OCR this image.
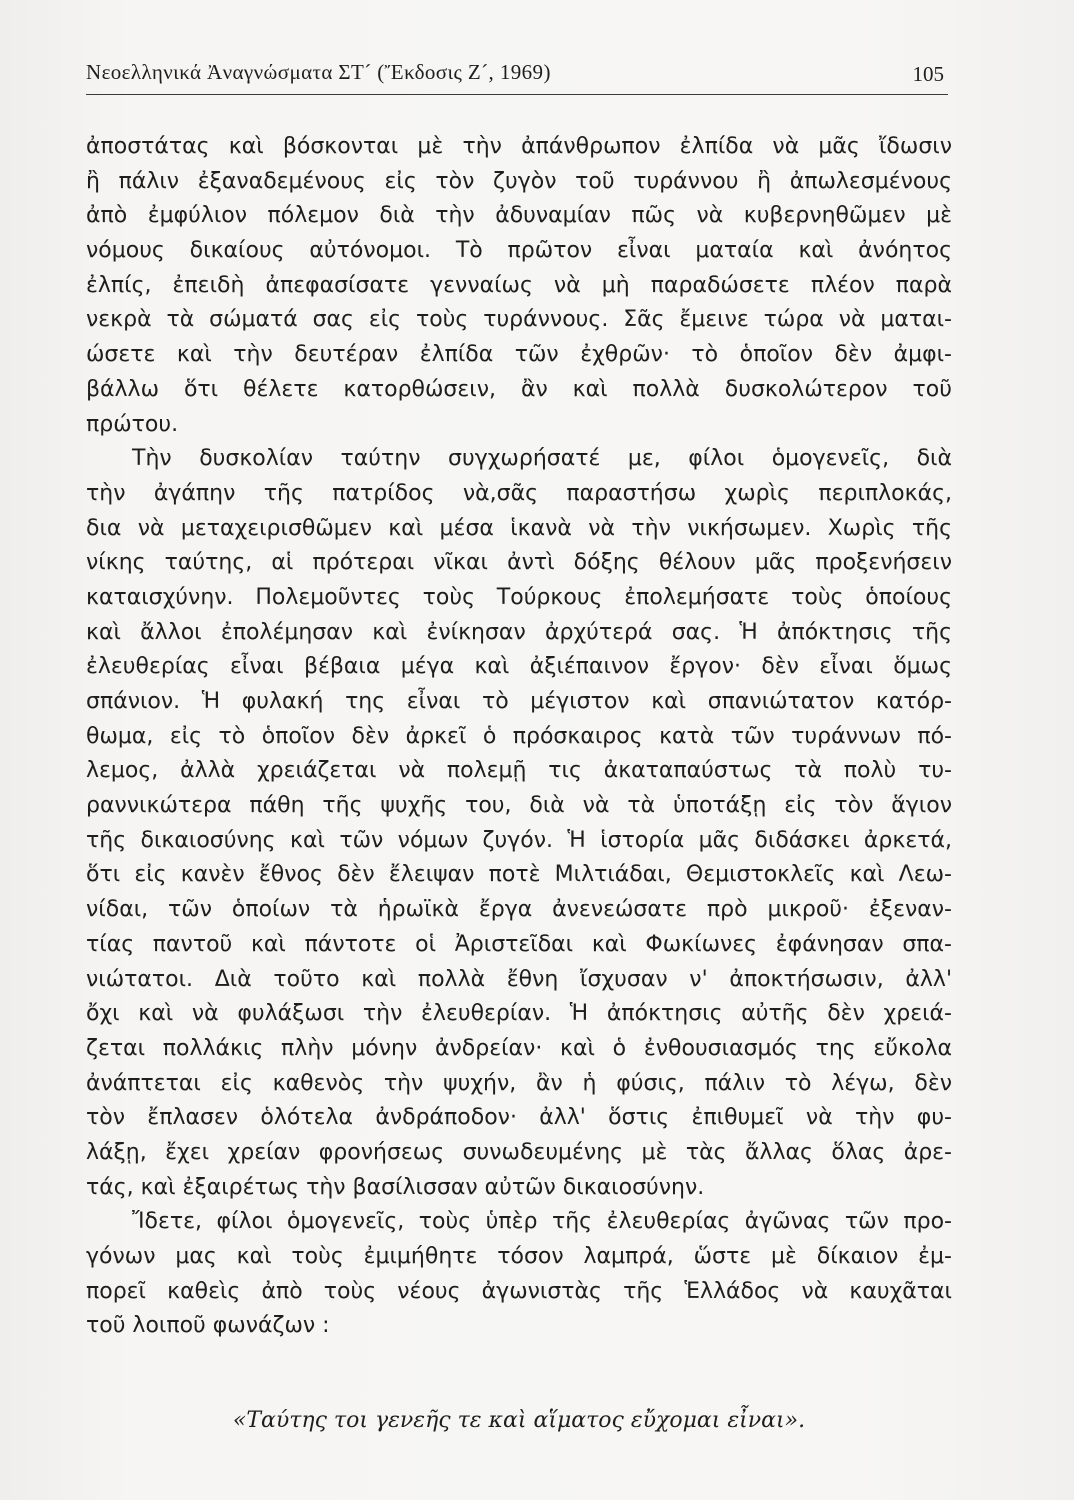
Νεοελληνικά Ἀναγνώσματα ΣΤ´ (Ἔκδοσις Ζ´, 1969)	105
ἀποστάτας καὶ βόσκονται μὲ τὴν ἀπάνθρωπον ἐλπίδα νὰ μᾶς ἴδωσιν
ἢ πάλιν ἐξαναδεμένους εἰς τὸν ζυγὸν τοῦ τυράννου ἢ ἀπωλεσμένους
ἀπὸ ἐμφύλιον πόλεμον διὰ τὴν ἀδυναμίαν πῶς νὰ κυβερνηθῶμεν μὲ
νόμους δικαίους αὐτόνομοι. Τὸ πρῶτον εἶναι ματαία καὶ ἀνόητος
ἐλπίς, ἐπειδὴ ἀπεφασίσατε γενναίως νὰ μὴ παραδώσετε πλέον παρὰ
νεκρὰ τὰ σώματά σας εἰς τοὺς τυράννους. Σᾶς ἔμεινε τώρα νὰ μαται-
ώσετε καὶ τὴν δευτέραν ἐλπίδα τῶν ἐχθρῶν· τὸ ὁποῖον δὲν ἀμφι-
βάλλω ὅτι θέλετε κατορθώσειν, ἂν καὶ πολλὰ δυσκολώτερον τοῦ
πρώτου.
Τὴν δυσκολίαν ταύτην συγχωρήσατέ με, φίλοι ὁμογενεῖς, διὰ
τὴν ἀγάπην τῆς πατρίδος νὰ,σᾶς παραστήσω χωρὶς περιπλοκάς,
δια νὰ μεταχειρισθῶμεν καὶ μέσα ἱκανὰ νὰ τὴν νικήσωμεν. Χωρὶς τῆς
νίκης ταύτης, αἱ πρότεραι νῖκαι ἀντὶ δόξης θέλουν μᾶς προξενήσειν
καταισχύνην. Πολεμοῦντες τοὺς Τούρκους ἐπολεμήσατε τοὺς ὁποίους
καὶ ἄλλοι ἐπολέμησαν καὶ ἐνίκησαν ἀρχύτερά σας. Ἡ ἀπόκτησις τῆς
ἐλευθερίας εἶναι βέβαια μέγα καὶ ἀξιέπαινον ἔργον· δὲν εἶναι ὅμως
σπάνιον. Ἡ φυλακή της εἶναι τὸ μέγιστον καὶ σπανιώτατον κατόρ-
θωμα, εἰς τὸ ὁποῖον δὲν ἀρκεῖ ὁ πρόσκαιρος κατὰ τῶν τυράννων πό-
λεμος, ἀλλὰ χρειάζεται νὰ πολεμῇ τις ἀκαταπαύστως τὰ πολὺ τυ-
ραννικώτερα πάθη τῆς ψυχῆς του, διὰ νὰ τὰ ὑποτάξῃ εἰς τὸν ἅγιον
τῆς δικαιοσύνης καὶ τῶν νόμων ζυγόν. Ἡ ἱστορία μᾶς διδάσκει ἀρκετά,
ὅτι εἰς κανὲν ἔθνος δὲν ἔλειψαν ποτὲ Μιλτιάδαι, Θεμιστοκλεῖς καὶ Λεω-
νίδαι, τῶν ὁποίων τὰ ἡρωϊκὰ ἔργα ἀνενεώσατε πρὸ μικροῦ· ἐξεναν-
τίας παντοῦ καὶ πάντοτε οἱ Ἀριστεῖδαι καὶ Φωκίωνες ἐφάνησαν σπα-
νιώτατοι. Διὰ τοῦτο καὶ πολλὰ ἔθνη ἴσχυσαν ν' ἀποκτήσωσιν, ἀλλ'
ὄχι καὶ νὰ φυλάξωσι τὴν ἐλευθερίαν. Ἡ ἀπόκτησις αὐτῆς δὲν χρειά-
ζεται πολλάκις πλὴν μόνην ἀνδρείαν· καὶ ὁ ἐνθουσιασμός της εὔκολα
ἀνάπτεται εἰς καθενὸς τὴν ψυχήν, ἂν ἡ φύσις, πάλιν τὸ λέγω, δὲν
τὸν ἔπλασεν ὁλότελα ἀνδράποδον· ἀλλ' ὅστις ἐπιθυμεῖ νὰ τὴν φυ-
λάξῃ, ἔχει χρείαν φρονήσεως συνωδευμένης μὲ τὰς ἄλλας ὅλας ἀρε-
τάς, καὶ ἐξαιρέτως τὴν βασίλισσαν αὐτῶν δικαιοσύνην.
Ἴδετε, φίλοι ὁμογενεῖς, τοὺς ὑπὲρ τῆς ἐλευθερίας ἀγῶνας τῶν προ-
γόνων μας καὶ τοὺς ἐμιμήθητε τόσον λαμπρά, ὥστε μὲ δίκαιον ἐμ-
πορεῖ καθεὶς ἀπὸ τοὺς νέους ἀγωνιστὰς τῆς Ἑλλάδος νὰ καυχᾶται
τοῦ λοιποῦ φωνάζων :
«Ταύτης τοι γενεῆς τε καὶ αἵματος εὔχομαι εἶναι».
